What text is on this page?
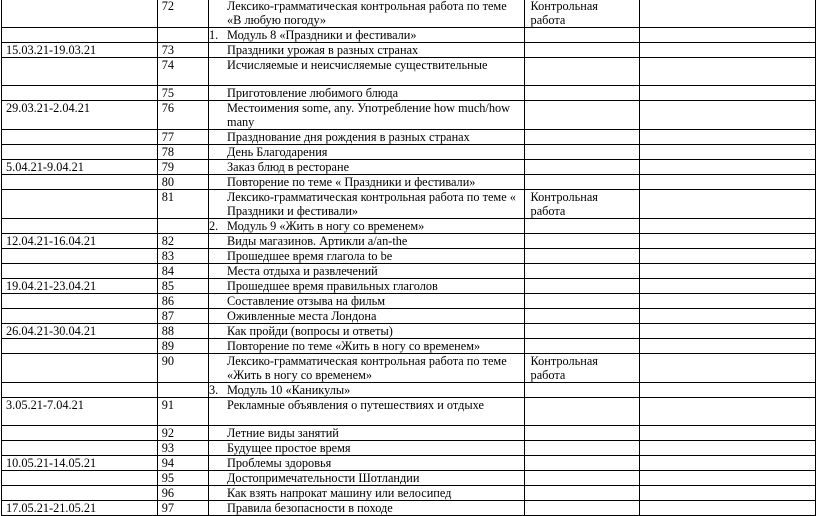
	72	Лексико-грамматическая контрольная работа по теме «В любую погоду»	Контрольная работа	
		1. Модуль 8 «Праздники и фестивали»		
15.03.21-19.03.21	73	Праздники урожая в разных странах		
	74	Исчисляемые и неисчисляемые существительные		
	75	Приготовление любимого блюда		
29.03.21-2.04.21	76	Местоимения some, any. Употребление how much/how many		
	77	Празднование дня рождения в разных странах		
	78	День Благодарения		
5.04.21-9.04.21	79	Заказ блюд в ресторане		
	80	Повторение по теме « Праздники и фестивали»		
	81	Лексико-грамматическая контрольная работа по теме « Праздники и фестивали»	Контрольная работа	
		2. Модуль 9 «Жить в ногу со временем»		
12.04.21-16.04.21	82	Виды магазинов. Артикли a/an-the		
	83	Прошедшее время глагола to be		
	84	Места отдыха и развлечений		
19.04.21-23.04.21	85	Прошедшее время правильных глаголов		
	86	Составление отзыва на фильм		
	87	Оживленные места Лондона		
26.04.21-30.04.21	88	Как пройди (вопросы и ответы)		
	89	Повторение по теме «Жить в ногу со временем»		
	90	Лексико-грамматическая контрольная работа по теме «Жить в ногу со временем»	Контрольная работа	
		3. Модуль 10 «Каникулы»		
3.05.21-7.04.21	91	Рекламные объявления о путешествиях и отдыхе		
	92	Летние виды занятий		
	93	Будущее простое время		
10.05.21-14.05.21	94	Проблемы здоровья		
	95	Достопримечательности Шотландии		
	96	Как взять напрокат машину или велосипед		
17.05.21-21.05.21	97	Правила безопасности в походе		
